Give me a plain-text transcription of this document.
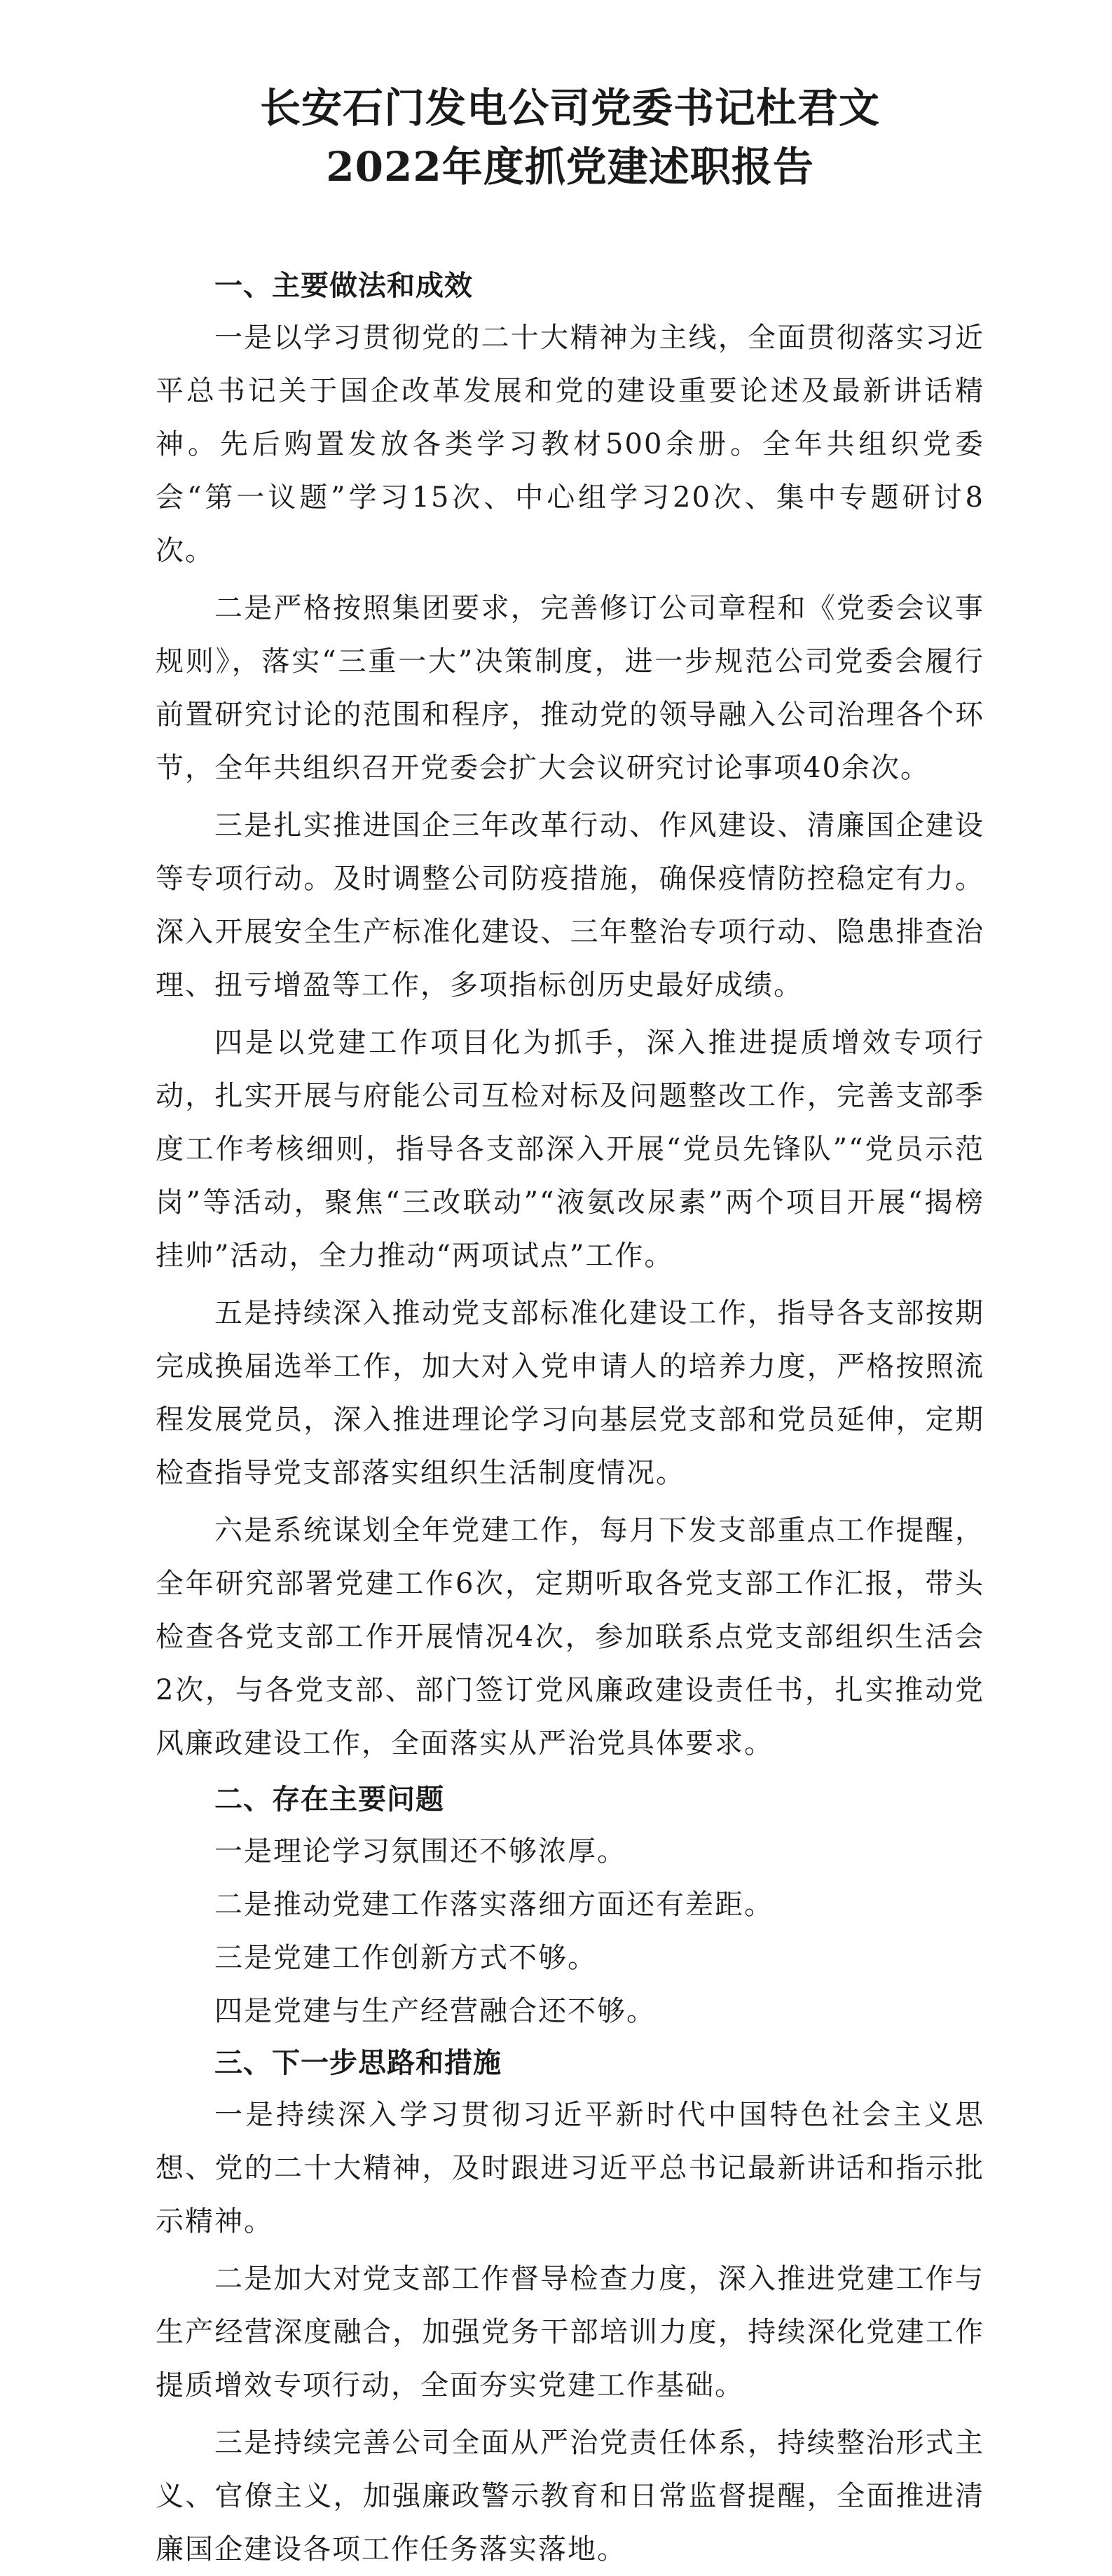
长安石门发电公司党委书记杜君文
2022年度抓党建述职报告
一、主要做法和成效

一是以学习贯彻党的二十大精神为主线，全面贯彻落实习近平总书记关于国企改革发展和党的建设重要论述及最新讲话精神。先后购置发放各类学习教材500余册。全年共组织党委会“第一议题”学习15次、中心组学习20次、集中专题研讨8次。

二是严格按照集团要求，完善修订公司章程和《党委会议事规则》，落实“三重一大”决策制度，进一步规范公司党委会履行前置研究讨论的范围和程序，推动党的领导融入公司治理各个环节，全年共组织召开党委会扩大会议研究讨论事项40余次。

三是扎实推进国企三年改革行动、作风建设、清廉国企建设等专项行动。及时调整公司防疫措施，确保疫情防控稳定有力。深入开展安全生产标准化建设、三年整治专项行动、隐患排查治理、扭亏增盈等工作，多项指标创历史最好成绩。

四是以党建工作项目化为抓手，深入推进提质增效专项行动，扎实开展与府能公司互检对标及问题整改工作，完善支部季度工作考核细则，指导各支部深入开展“党员先锋队”“党员示范岗”等活动，聚焦“三改联动”“液氨改尿素”两个项目开展“揭榜挂帅”活动，全力推动“两项试点”工作。

五是持续深入推动党支部标准化建设工作，指导各支部按期完成换届选举工作，加大对入党申请人的培养力度，严格按照流程发展党员，深入推进理论学习向基层党支部和党员延伸，定期检查指导党支部落实组织生活制度情况。

六是系统谋划全年党建工作，每月下发支部重点工作提醒，全年研究部署党建工作6次，定期听取各党支部工作汇报，带头检查各党支部工作开展情况4次，参加联系点党支部组织生活会2次，与各党支部、部门签订党风廉政建设责任书，扎实推动党风廉政建设工作，全面落实从严治党具体要求。

二、存在主要问题

一是理论学习氛围还不够浓厚。

二是推动党建工作落实落细方面还有差距。

三是党建工作创新方式不够。

四是党建与生产经营融合还不够。

三、下一步思路和措施

一是持续深入学习贯彻习近平新时代中国特色社会主义思想、党的二十大精神，及时跟进习近平总书记最新讲话和指示批示精神。

二是加大对党支部工作督导检查力度，深入推进党建工作与生产经营深度融合，加强党务干部培训力度，持续深化党建工作提质增效专项行动，全面夯实党建工作基础。

三是持续完善公司全面从严治党责任体系，持续整治形式主义、官僚主义，加强廉政警示教育和日常监督提醒，全面推进清廉国企建设各项工作任务落实落地。
